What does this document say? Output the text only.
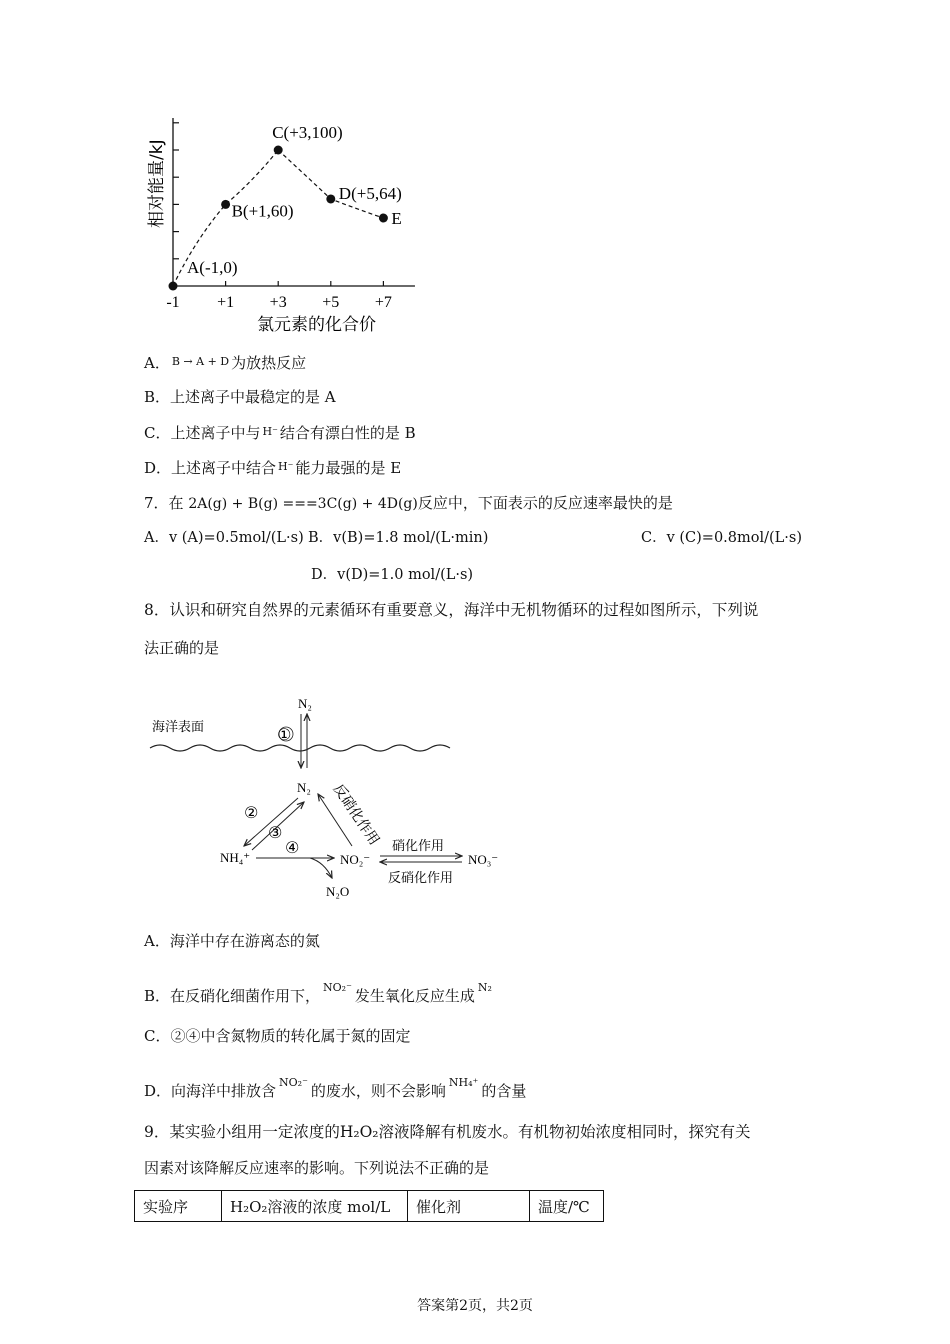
-1 +1 +3 +5 +7
相对能量/kJ
氯元素的化合价
A(-1,0)
B(+1,60)
C(+3,100)
D(+5,64)
E
A． $^{B \to A + D}$ 为放热反应
B．上述离子中最稳定的是 A
C．上述离子中与 $^{H^-}$ 结合有漂白性的是 B
D．上述离子中结合 $^{H^-}$ 能力最强的是 E
7．在 2A(g) + B(g) ===3C(g) + 4D(g)反应中，下面表示的反应速率最快的是
A．v (A)=0.5mol/(L·s) B．v(B)=1.8 mol/(L·min)	C．v (C)=0.8mol/(L·s)
D．v(D)=1.0 mol/(L·s)
8．认识和研究自然界的元素循环有重要意义，海洋中无机物循环的过程如图所示，下列说
法正确的是
海洋表面
N₂
①
N₂
NH₄⁺	NO₂⁻	NO₃⁻
N₂O
②
③
④ 反硝化作用 硝化作用
反硝化作用
A．海洋中存在游离态的氮
B．在反硝化细菌作用下， $^{NO_2^-}$ 发生氧化反应生成 $^{N_2}$
C．②④中含氮物质的转化属于氮的固定
D．向海洋中排放含 $^{NO_2^-}$ 的废水，则不会影响 $^{NH_4^+}$ 的含量
9．某实验小组用一定浓度的H₂O₂溶液降解有机废水。有机物初始浓度相同时，探究有关
因素对该降解反应速率的影响。下列说法不正确的是
实验序	H₂O₂溶液的浓度 mol/L	催化剂	温度/℃
答案第2页，共2页
